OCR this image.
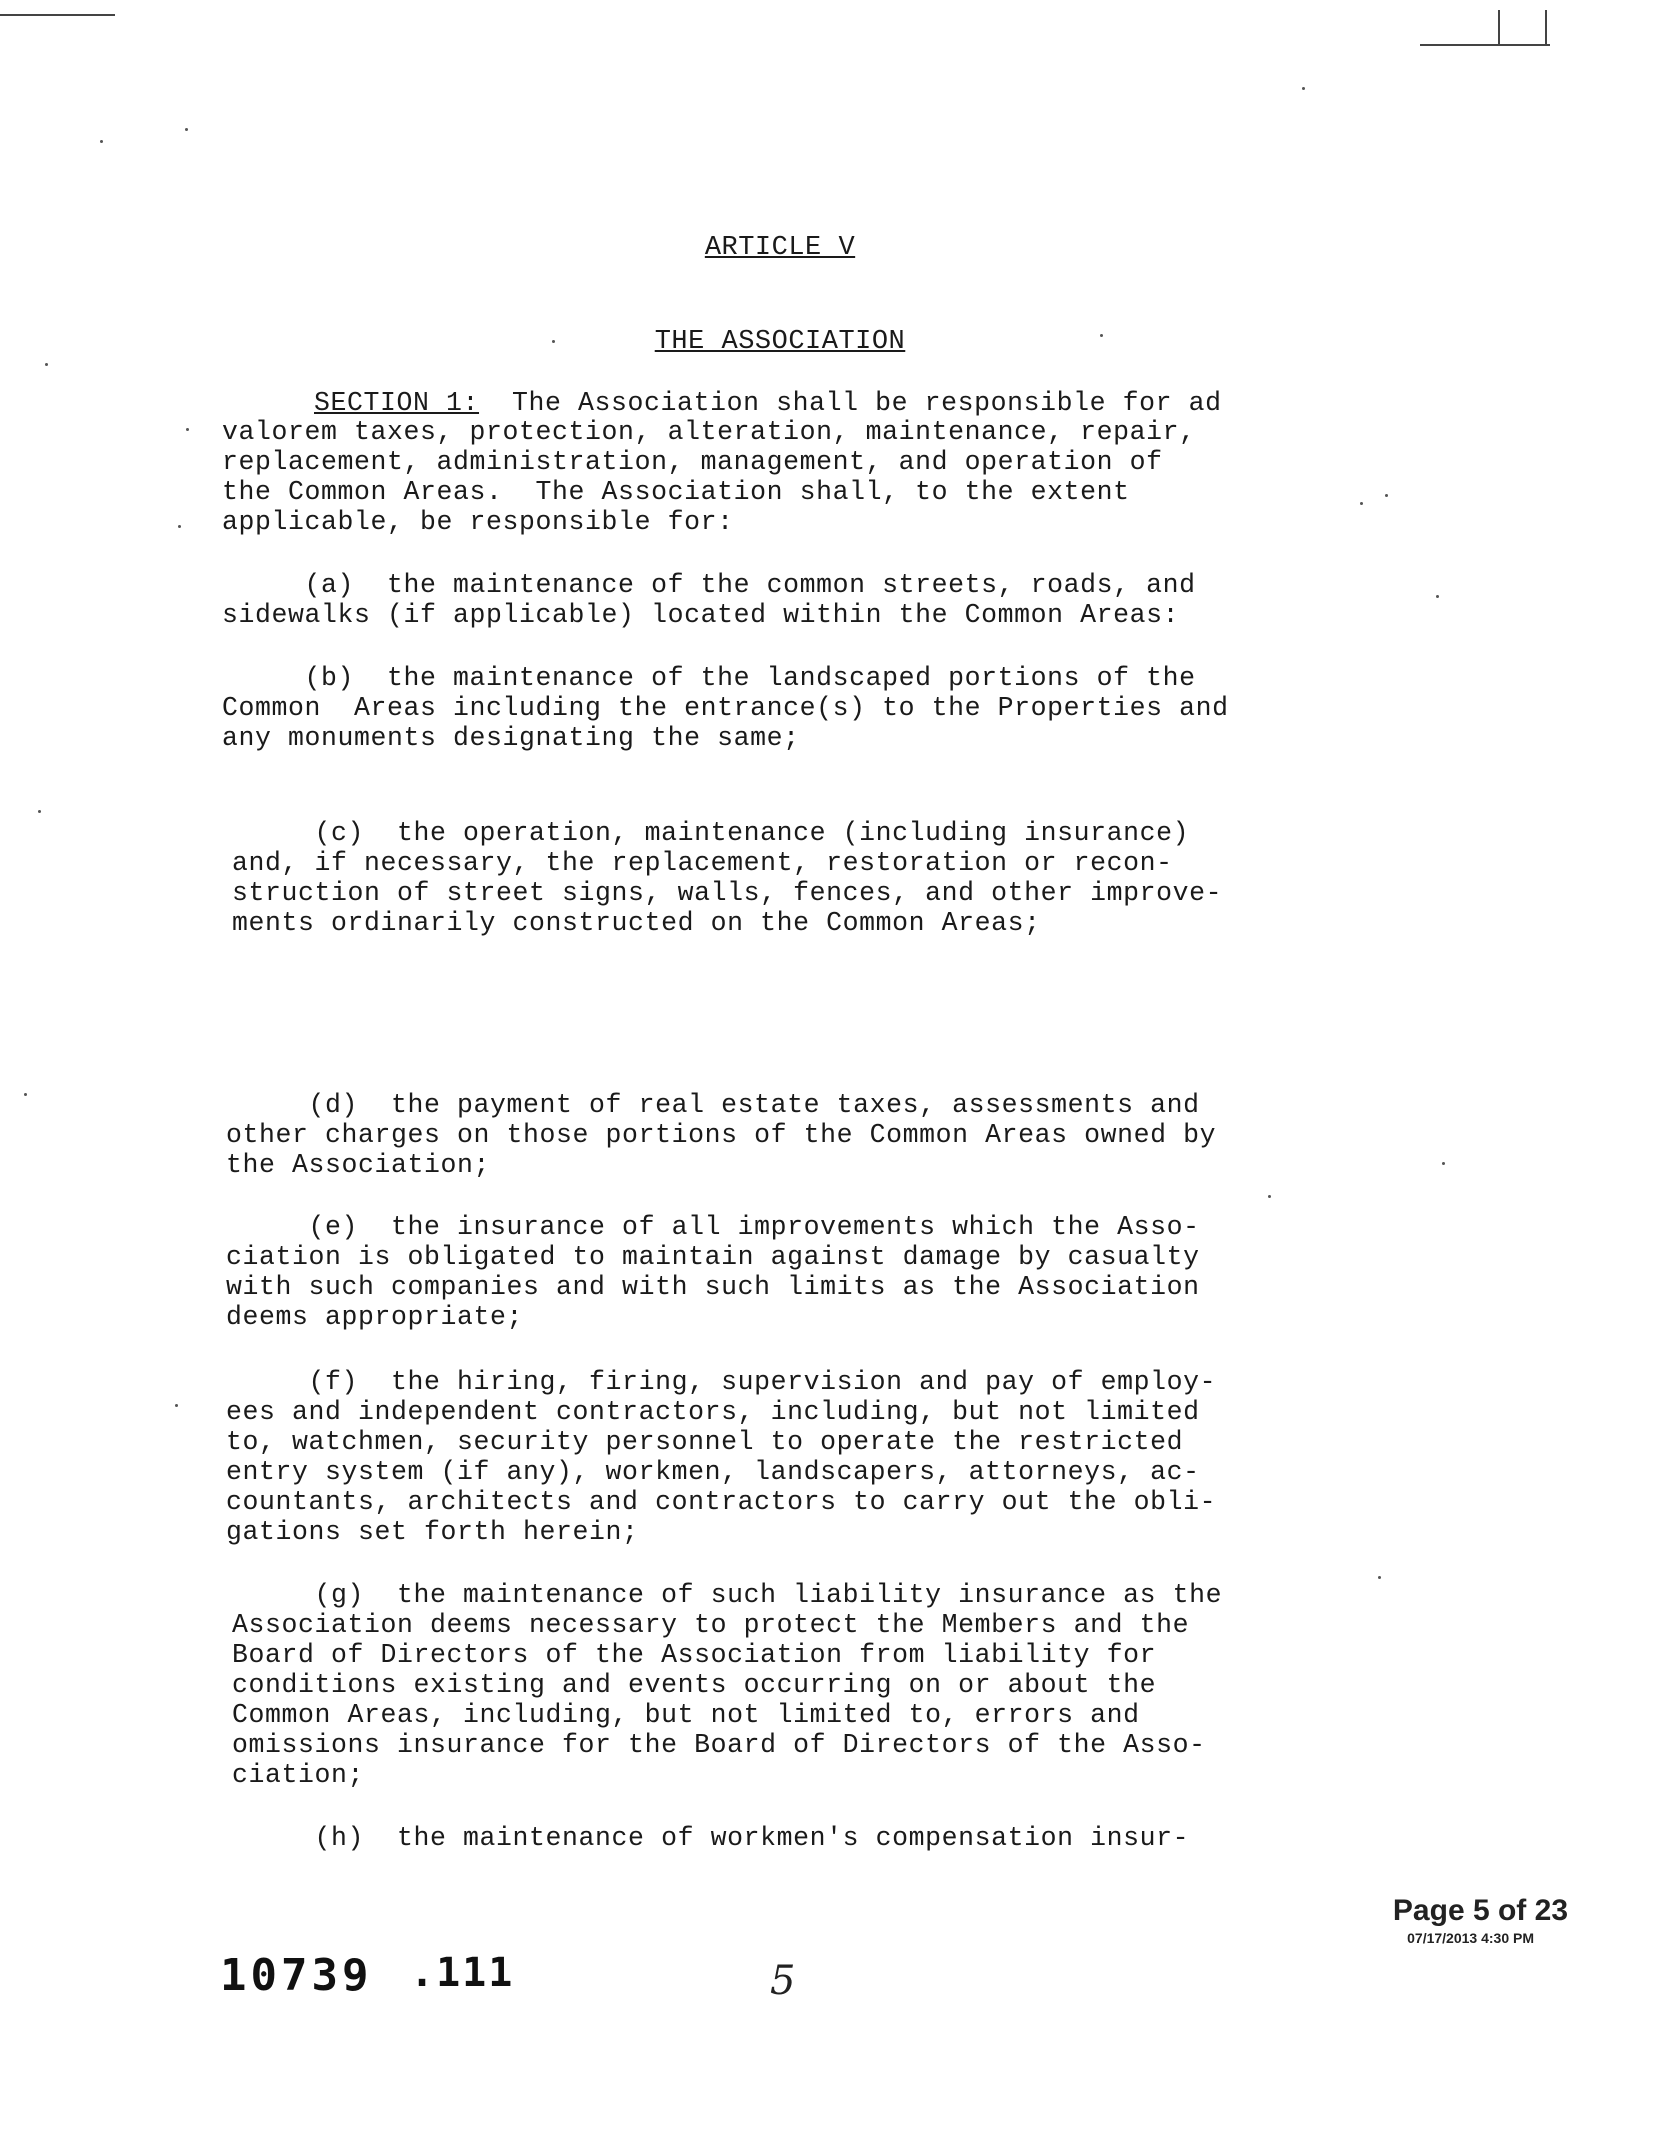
ARTICLE V
THE ASSOCIATION
SECTION 1:  The Association shall be responsible for ad
valorem taxes, protection, alteration, maintenance, repair,
replacement, administration, management, and operation of
the Common Areas.  The Association shall, to the extent
applicable, be responsible for:
(a)  the maintenance of the common streets, roads, and
sidewalks (if applicable) located within the Common Areas:
(b)  the maintenance of the landscaped portions of the
Common  Areas including the entrance(s) to the Properties and
any monuments designating the same;
(c)  the operation, maintenance (including insurance)
and, if necessary, the replacement, restoration or recon-
struction of street signs, walls, fences, and other improve-
ments ordinarily constructed on the Common Areas;
(d)  the payment of real estate taxes, assessments and
other charges on those portions of the Common Areas owned by
the Association;
(e)  the insurance of all improvements which the Asso-
ciation is obligated to maintain against damage by casualty
with such companies and with such limits as the Association
deems appropriate;
(f)  the hiring, firing, supervision and pay of employ-
ees and independent contractors, including, but not limited
to, watchmen, security personnel to operate the restricted
entry system (if any), workmen, landscapers, attorneys, ac-
countants, architects and contractors to carry out the obli-
gations set forth herein;
(g)  the maintenance of such liability insurance as the
Association deems necessary to protect the Members and the
Board of Directors of the Association from liability for
conditions existing and events occurring on or about the
Common Areas, including, but not limited to, errors and
omissions insurance for the Board of Directors of the Asso-
ciation;
(h)  the maintenance of workmen's compensation insur-
Page 5 of 23
07/17/2013 4:30 PM
10739 .111	5
